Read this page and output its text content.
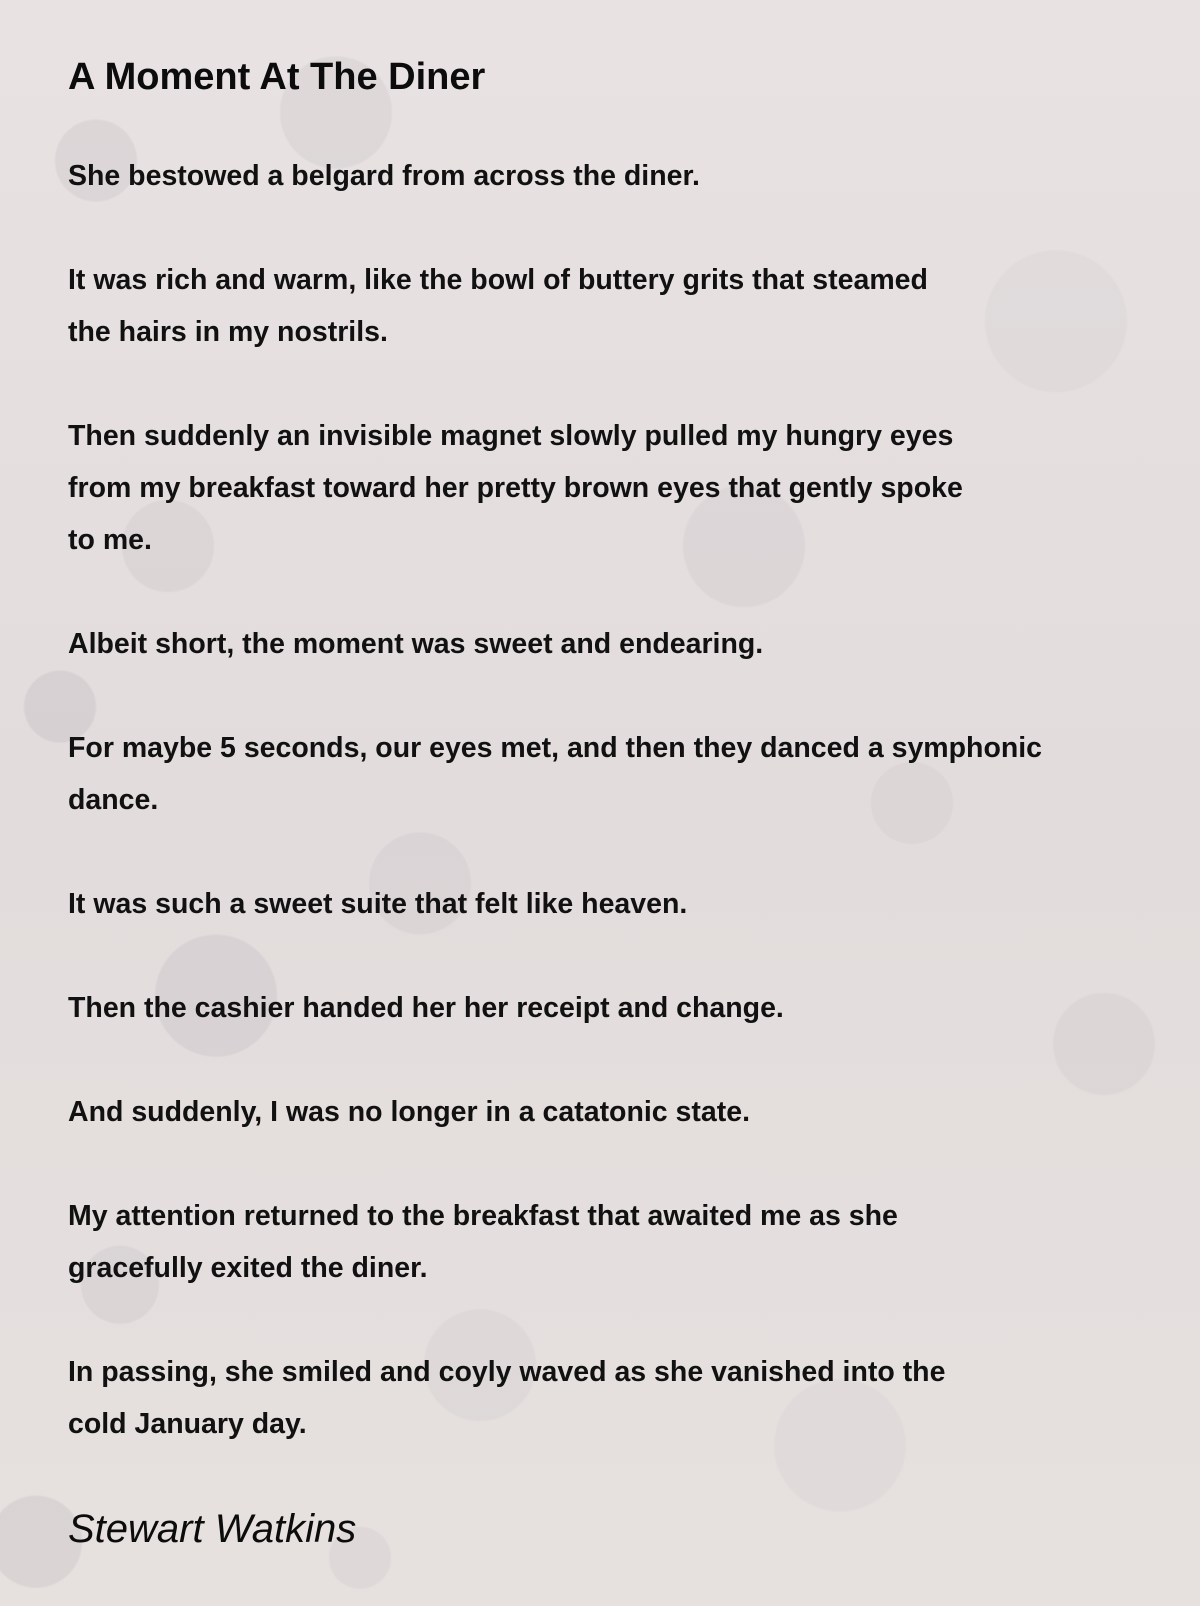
A Moment At The Diner

She bestowed a belgard from across the diner.

It was rich and warm, like the bowl of buttery grits that steamed
the hairs in my nostrils.

Then suddenly an invisible magnet slowly pulled my hungry eyes
from my breakfast toward her pretty brown eyes that gently spoke
to me.

Albeit short, the moment was sweet and endearing.

For maybe 5 seconds, our eyes met, and then they danced a symphonic
dance.

It was such a sweet suite that felt like heaven.

Then the cashier handed her her receipt and change.

And suddenly, I was no longer in a catatonic state.

My attention returned to the breakfast that awaited me as she
gracefully exited the diner.

In passing, she smiled and coyly waved as she vanished into the
cold January day.

Stewart Watkins
